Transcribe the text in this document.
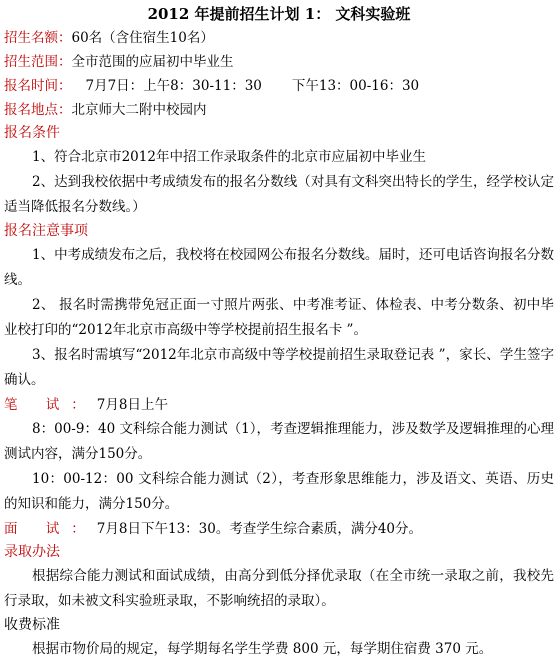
2012 年提前招生计划 1： 文科实验班
招生名额：60名（含住宿生10名）
招生范围：全市范围的应届初中毕业生
报名时间： 7月7日：上午8：30-11：30 下午13：00-16：30
报名地点：北京师大二附中校园内
报名条件
1、符合北京市2012年中招工作录取条件的北京市应届初中毕业生
2、达到我校依据中考成绩发布的报名分数线（对具有文科突出特长的学生，经学校认定适当降低报名分数线。）
报名注意事项
1、中考成绩发布之后，我校将在校园网公布报名分数线。届时，还可电话咨询报名分数线。
2、 报名时需携带免冠正面一寸照片两张、中考准考证、体检表、中考分数条、初中毕业校打印的“2012年北京市高级中等学校提前招生报名卡 ”。
3、报名时需填写“2012年北京市高级中等学校提前招生录取登记表 ”，家长、学生签字确认。
笔 试：7月8日上午
8：00-9：40 文科综合能力测试（1），考查逻辑推理能力，涉及数学及逻辑推理的心理测试内容，满分150分。
10：00-12：00 文科综合能力测试（2），考查形象思维能力，涉及语文、英语、历史的知识和能力，满分150分。
面 试：7月8日下午13：30。考查学生综合素质，满分40分。
录取办法
根据综合能力测试和面试成绩，由高分到低分择优录取（在全市统一录取之前，我校先行录取，如未被文科实验班录取，不影响统招的录取）。
收费标准
根据市物价局的规定，每学期每名学生学费 800 元，每学期住宿费 370 元。
